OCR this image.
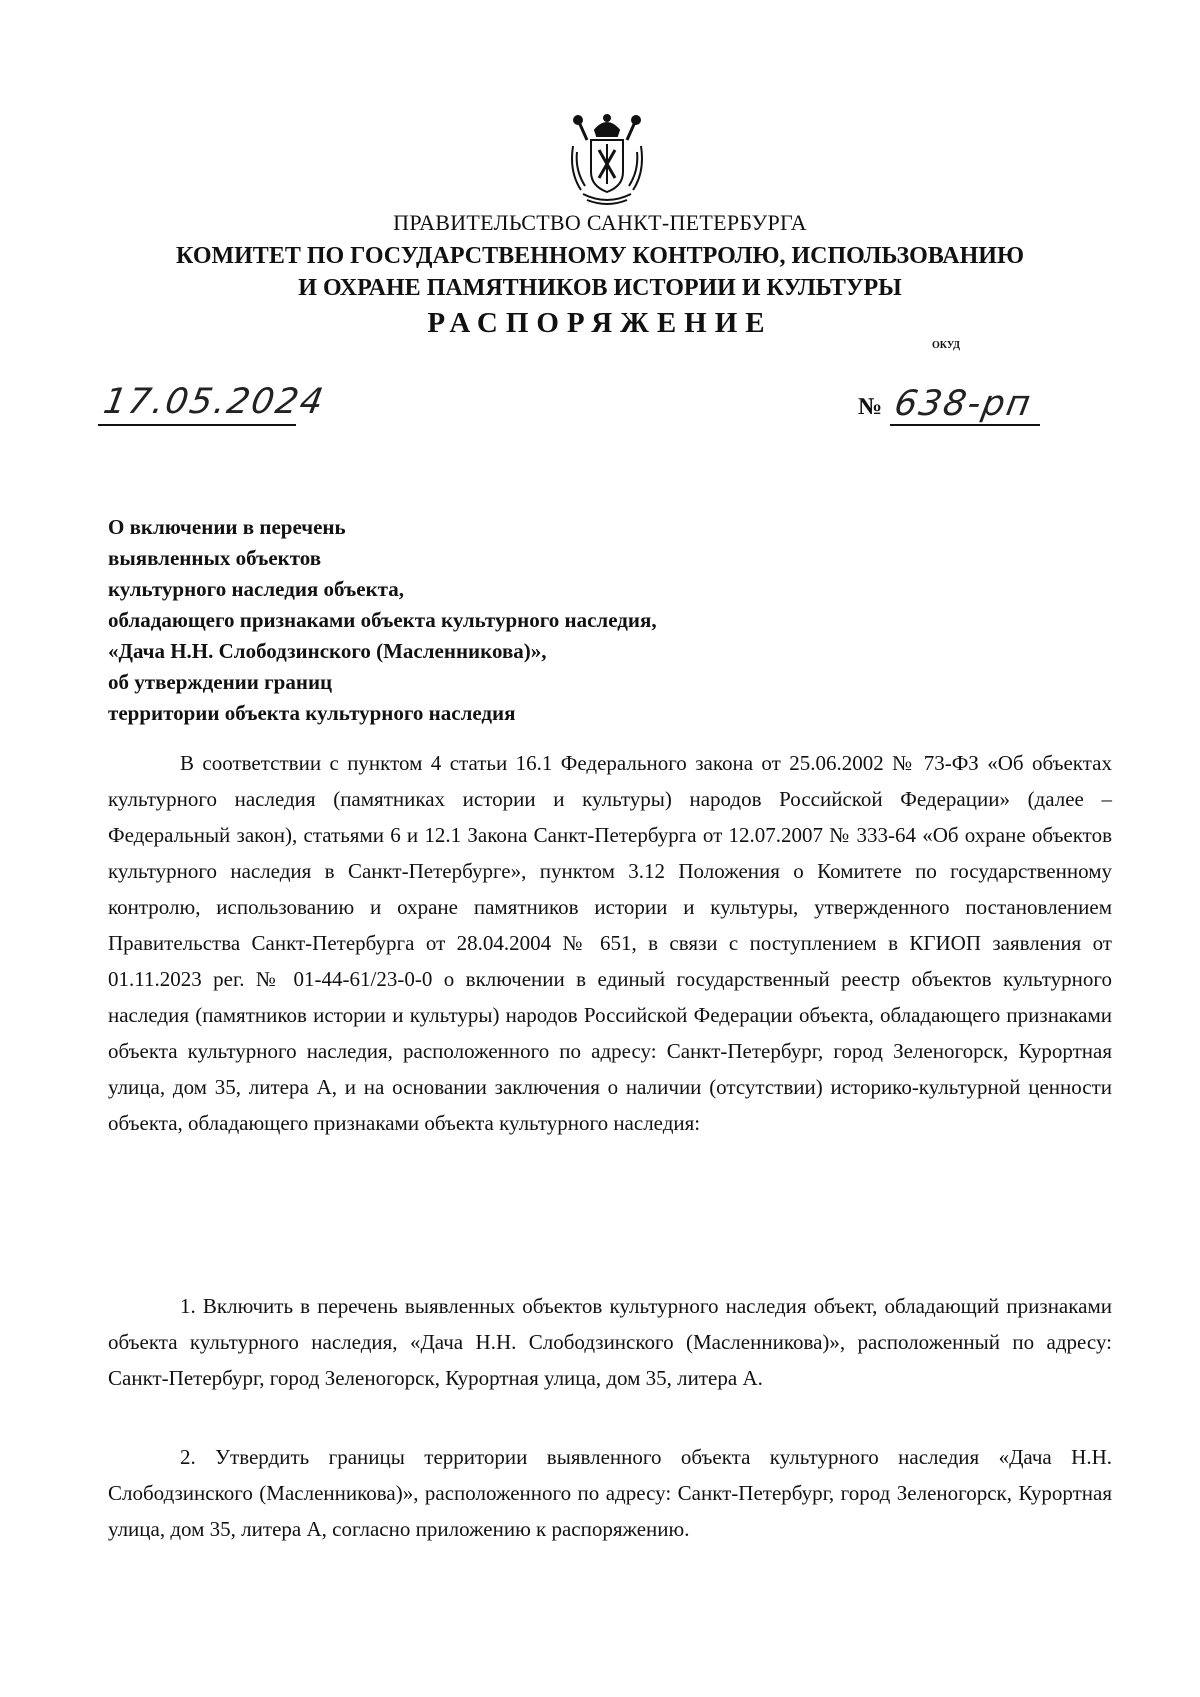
ПРАВИТЕЛЬСТВО САНКТ-ПЕТЕРБУРГА
КОМИТЕТ ПО ГОСУДАРСТВЕННОМУ КОНТРОЛЮ, ИСПОЛЬЗОВАНИЮ
И ОХРАНЕ ПАМЯТНИКОВ ИСТОРИИ И КУЛЬТУРЫ
РАСПОРЯЖЕНИЕ
ОКУД
17.05.2024	№ 638-рп
О включении в перечень
выявленных объектов
культурного наследия объекта,
обладающего признаками объекта культурного наследия,
«Дача Н.Н. Слободзинского (Масленникова)»,
об утверждении границ
территории объекта культурного наследия

В соответствии с пунктом 4 статьи 16.1 Федерального закона от 25.06.2002 № 73-ФЗ «Об объектах культурного наследия (памятниках истории и культуры) народов Российской Федерации» (далее – Федеральный закон), статьями 6 и 12.1 Закона Санкт-Петербурга от 12.07.2007 № 333-64 «Об охране объектов культурного наследия в Санкт-Петербурге», пунктом 3.12 Положения о Комитете по государственному контролю, использованию и охране памятников истории и культуры, утвержденного постановлением Правительства Санкт-Петербурга от 28.04.2004 № 651, в связи с поступлением в КГИОП заявления от 01.11.2023 рег. № 01-44-61/23-0-0 о включении в единый государственный реестр объектов культурного наследия (памятников истории и культуры) народов Российской Федерации объекта, обладающего признаками объекта культурного наследия, расположенного по адресу: Санкт-Петербург, город Зеленогорск, Курортная улица, дом 35, литера А, и на основании заключения о наличии (отсутствии) историко-культурной ценности объекта, обладающего признаками объекта культурного наследия:

1. Включить в перечень выявленных объектов культурного наследия объект, обладающий признаками объекта культурного наследия, «Дача Н.Н. Слободзинского (Масленникова)», расположенный по адресу: Санкт-Петербург, город Зеленогорск, Курортная улица, дом 35, литера А.

2. Утвердить границы территории выявленного объекта культурного наследия «Дача Н.Н. Слободзинского (Масленникова)», расположенного по адресу: Санкт-Петербург, город Зеленогорск, Курортная улица, дом 35, литера А, согласно приложению к распоряжению.
